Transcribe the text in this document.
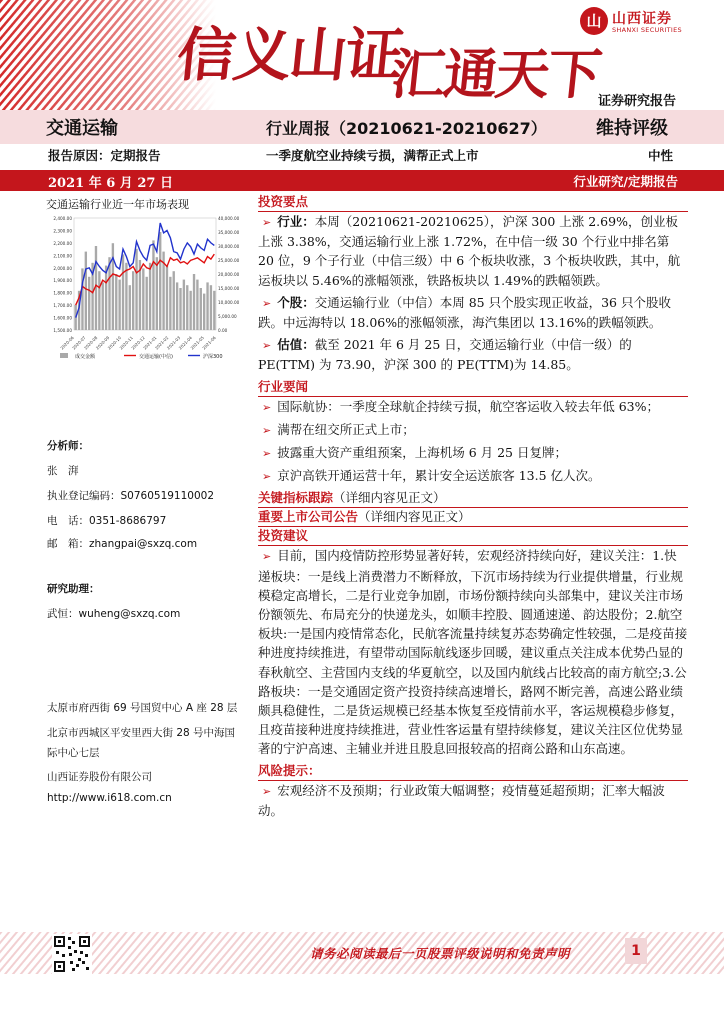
信义山证
汇通天下
山 山西证券
SHANXI SECURITIES
证券研究报告
交通运输	行业周报（20210621-20210627）	维持评级
报告原因：定期报告	一季度航空业持续亏损，满帮正式上市	中性
2021 年 6 月 27 日	行业研究/定期报告
交通运输行业近一年市场表现
2,400.00
2,300.00
2,200.00
2,100.00
2,000.00
1,900.00
1,800.00
1,700.00
1,600.00
1,500.00
40,000.00
35,000.00
30,000.00
25,000.00
20,000.00
15,000.00
10,000.00
5,000.00
0.00
2020-06
2020-07
2020-08
2020-09
2020-10
2020-11
2020-12
2021-01
2021-02
2021-03
2021-04
2021-05
2021-06
成交金额	交通运输(中信)	沪深300
分析师：
张　湃
执业登记编码：S0760519110002
电　话：0351-8686797
邮　箱：zhangpai@sxzq.com
研究助理：
武恒：wuheng@sxzq.com
太原市府西街 69 号国贸中心 A 座 28 层
北京市西城区平安里西大街 28 号中海国
际中心七层
山西证券股份有限公司
http://www.i618.com.cn
投资要点
➢ 行业：本周（20210621-20210625），沪深 300 上涨 2.69%，创业板上涨 3.38%，交通运输行业上涨 1.72%，在中信一级 30 个行业中排名第 20 位，9 个子行业（中信三级）中 6 个板块收涨，3 个板块收跌，其中，航运板块以 5.46%的涨幅领涨，铁路板块以 1.49%的跌幅领跌。
➢ 个股：交通运输行业（中信）本周 85 只个股实现正收益，36 只个股收跌。中远海特以 18.06%的涨幅领涨，海汽集团以 13.16%的跌幅领跌。
➢ 估值：截至 2021 年 6 月 25 日，交通运输行业（中信一级）的 PE(TTM) 为 73.90，沪深 300 的 PE(TTM)为 14.85。
行业要闻
➢ 国际航协：一季度全球航企持续亏损，航空客运收入较去年低 63%；
➢ 满帮在纽交所正式上市；
➢ 披露重大资产重组预案，上海机场 6 月 25 日复牌；
➢ 京沪高铁开通运营十年，累计安全运送旅客 13.5 亿人次。
关键指标跟踪（详细内容见正文）
重要上市公司公告（详细内容见正文）
投资建议
➢ 目前，国内疫情防控形势显著好转，宏观经济持续向好，建议关注：1.快递板块：一是线上消费潜力不断释放，下沉市场持续为行业提供增量，行业规模稳定高增长，二是行业竞争加剧，市场份额持续向头部集中，建议关注市场份额领先、布局充分的快递龙头，如顺丰控股、圆通速递、韵达股份；2.航空板块:一是国内疫情常态化，民航客流量持续复苏态势确定性较强，二是疫苗接种进度持续推进，有望带动国际航线逐步回暖，建议重点关注成本优势凸显的春秋航空、主营国内支线的华夏航空，以及国内航线占比较高的南方航空;3.公路板块：一是交通固定资产投资持续高速增长，路网不断完善，高速公路业绩颇具稳健性，二是货运规模已经基本恢复至疫情前水平，客运规模稳步修复，且疫苗接种进度持续推进，营业性客运量有望持续修复，建议关注区位优势显著的宁沪高速、主辅业并进且股息回报较高的招商公路和山东高速。
风险提示：
➢ 宏观经济不及预期；行业政策大幅调整；疫情蔓延超预期；汇率大幅波动。
请务必阅读最后一页股票评级说明和免责声明	1
